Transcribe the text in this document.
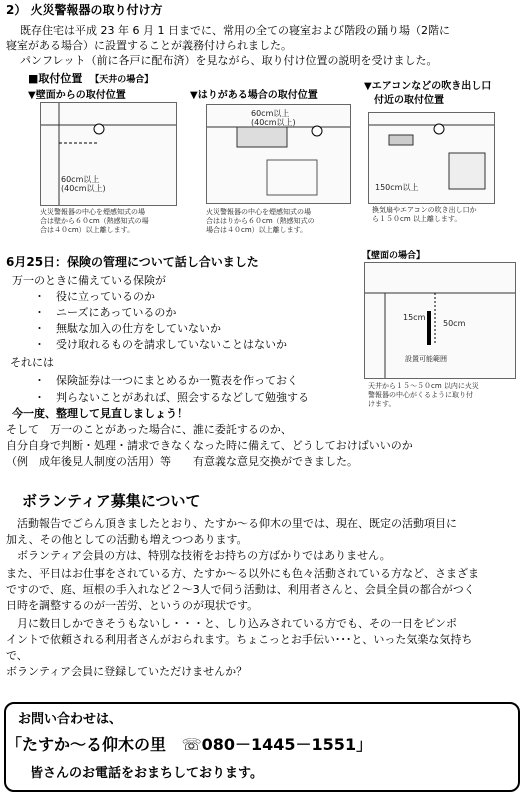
2） 火災警報器の取り付け方
既存住宅は平成 23 年 6 月 1 日までに、常用の全ての寝室および階段の踊り場（2階に
寝室がある場合）に設置することが義務付けられました。
パンフレット（前に各戸に配布済）を見ながら、取り付け位置の説明を受けました。
■取付位置 【天井の場合】
▼壁面からの取付位置
60cm以上
(40cm以上)
火災警報器の中心を煙感知式の場
合は壁から６０cm（熱感知式の場
合は４０cm）以上離します。
▼はりがある場合の取付位置
60cm以上
(40cm以上)
火災警報器の中心を煙感知式の場
合ははりから６０cm（熱感知式の
場合は４０cm）以上離します。
▼エアコンなどの吹き出し口
　付近の取付位置
150cm以上
換気扇やエアコンの吹き出し口か
ら１５０cm 以上離します。
6月25日：保険の管理について話し合いました
万一のときに備えている保険が
・　役に立っているのか
・　ニーズにあっているのか
・　無駄な加入の仕方をしていないか
・　受け取れるものを請求していないことはないか
それには
・　保険証券は一つにまとめるか一覧表を作っておく
・　判らないことがあれば、照会するなどして勉強する
今一度、整理して見直しましょう！
そして　万一のことがあった場合に、誰に委託するのか、
自分自身で判断・処理・請求できなくなった時に備えて、どうしておけばいいのか
（例　成年後見人制度の活用）等　　有意義な意見交換ができました。
【壁面の場合】
15cm
50cm
設置可能範囲
天井から１５～５０cm 以内に火災
警報器の中心がくるように取り付
けます。
ボランティア募集について
　活動報告でごらん頂きましたとおり、たすか～る仰木の里では、現在、既定の活動項目に
加え、その他としての活動も増えつつあります。
　ボランティア会員の方は、特別な技術をお持ちの方ばかりではありません。
また、平日はお仕事をされている方、たすか～る以外にも色々活動されている方など、さまざま
ですので、庭、垣根の手入れなど２～3人で伺う活動は、利用者さんと、会員全員の都合がつく
日時を調整するのが一苦労、というのが現状です。
　月に数日しかできそうもないし・・・と、しり込みされている方でも、その一日をピンポ
イントで依頼される利用者さんがおられます。ちょこっとお手伝い･･･と、いった気楽な気持ち
で、
ボランティア会員に登録していただけませんか？
お問い合わせは、
「たすか～る仰木の里 ☏080－1445－1551」
皆さんのお電話をおまちしております。
